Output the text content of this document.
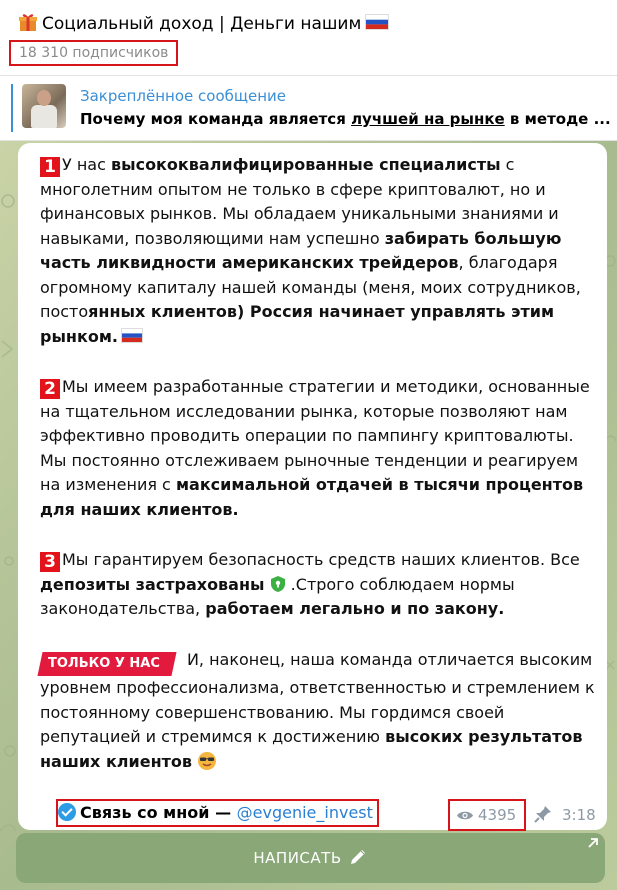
Социальный доход | Деньги нашим
18 310 подписчиков
Закреплённое сообщение
Почему моя команда является лучшей на рынке в методе ...
1 У нас высококвалифицированные специалисты с многолетним опытом не только в сфере криптовалют, но и финансовых рынков. Мы обладаем уникальными знаниями и навыками, позволяющими нам успешно забирать большую часть ликвидности американских трейдеров, благодаря огромному капиталу нашей команды (меня, моих сотрудников, постоянных клиентов) Россия начинает управлять этим рынком.
2 Мы имеем разработанные стратегии и методики, основанные на тщательном исследовании рынка, которые позволяют нам эффективно проводить операции по пампингу криптовалюты. Мы постоянно отслеживаем рыночные тенденции и реагируем на изменения с максимальной отдачей в тысячи процентов для наших клиентов.
3 Мы гарантируем безопасность средств наших клиентов. Все депозиты застрахованы  .Строго соблюдаем нормы законодательства, работаем легально и по закону.
ТОЛЬКО У НАС И, наконец, наша команда отличается высоким уровнем профессионализма, ответственностью и стремлением к постоянному совершенствованию. Мы гордимся своей репутацией и стремимся к достижению высоких результатов наших клиентов
Связь со мной — @evgenie_invest	4395	3:18
НАПИСАТЬ
